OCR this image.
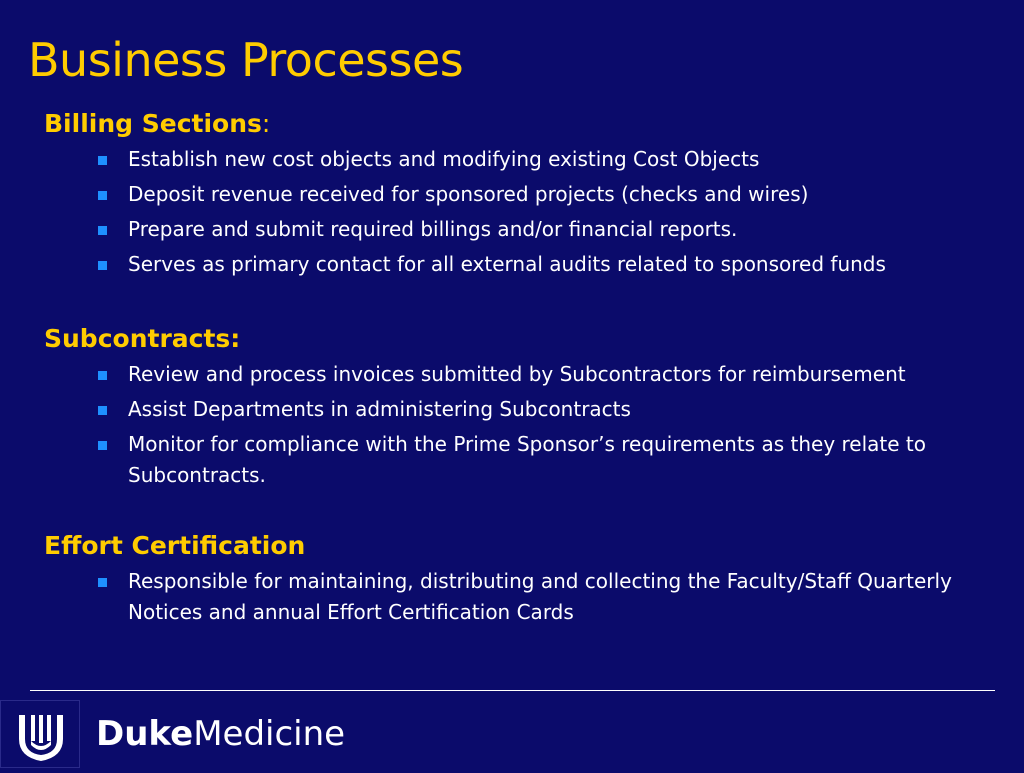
Business Processes
Billing Sections:
Establish new cost objects and modifying existing Cost Objects
Deposit revenue received for sponsored projects (checks and wires)
Prepare and submit required billings and/or financial reports.
Serves as primary contact for all external audits related to sponsored funds
Subcontracts:
Review and process invoices submitted by Subcontractors for reimbursement
Assist Departments in administering Subcontracts
Monitor for compliance with the Prime Sponsor’s requirements as they relate to Subcontracts.
Effort Certification
Responsible for maintaining, distributing and collecting the Faculty/Staff Quarterly Notices and annual Effort Certification Cards
DukeMedicine
